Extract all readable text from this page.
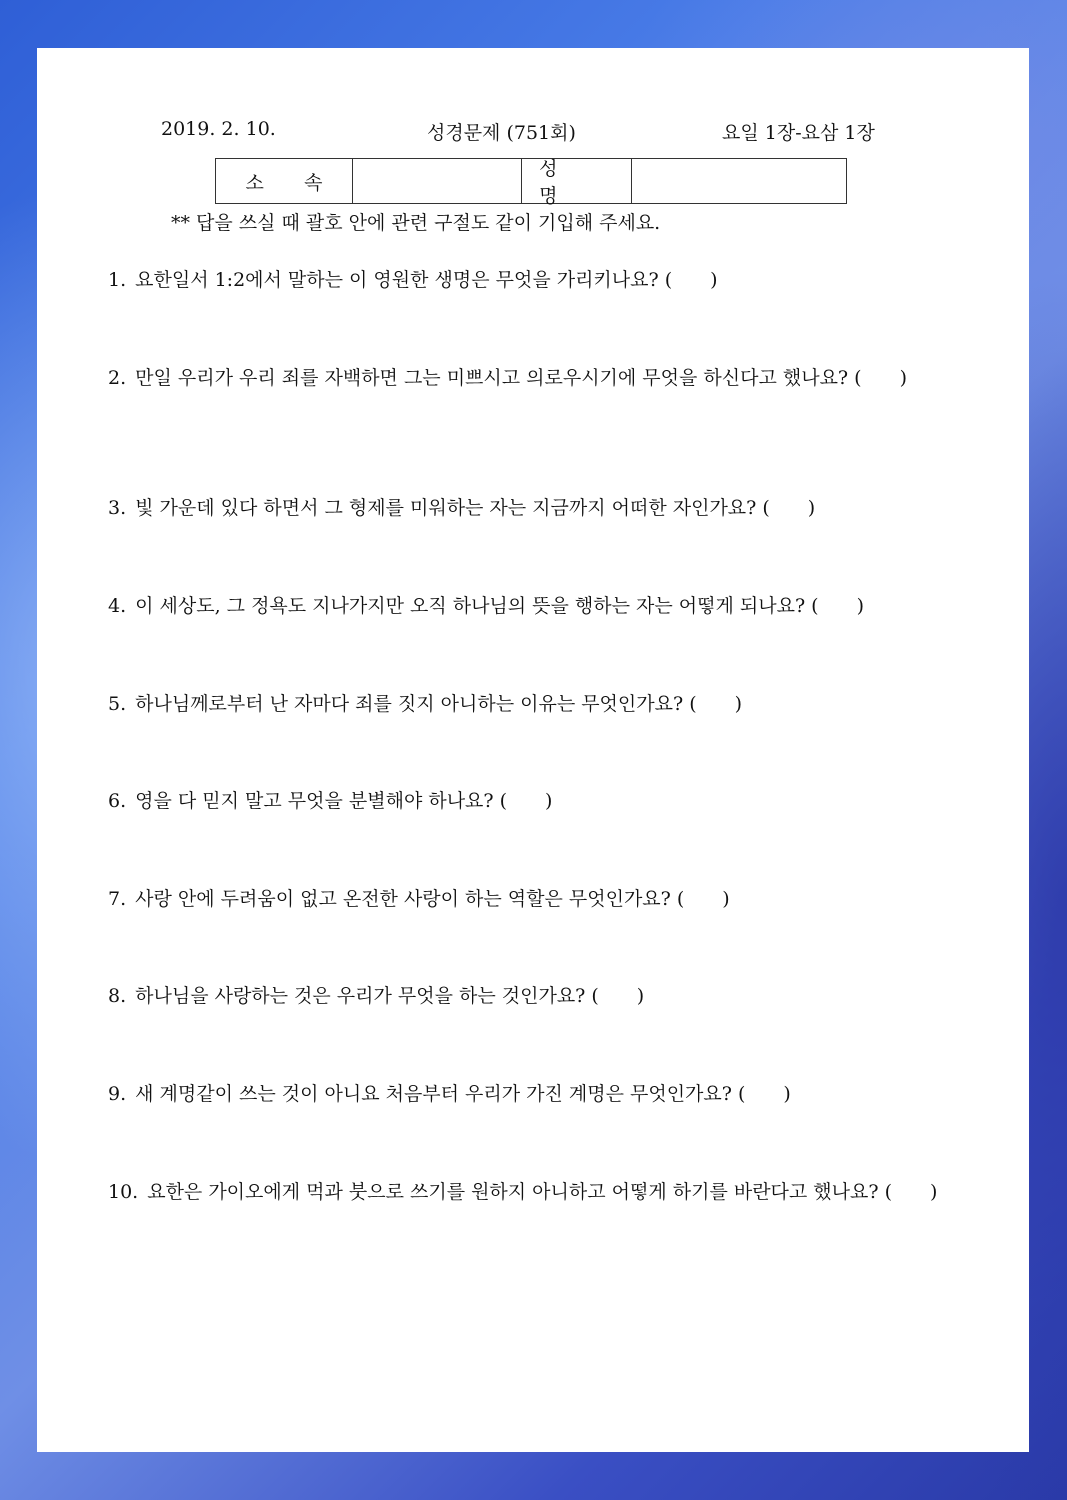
2019. 2. 10.	성경문제 (751회)	요일 1장-요삼 1장
소 속
성 명
** 답을 쓰실 때 괄호 안에 관련 구절도 같이 기입해 주세요.
1. 요한일서 1:2에서 말하는 이 영원한 생명은 무엇을 가리키나요? (　　)
2. 만일 우리가 우리 죄를 자백하면 그는 미쁘시고 의로우시기에 무엇을 하신다고 했나요? (　　)
3. 빛 가운데 있다 하면서 그 형제를 미워하는 자는 지금까지 어떠한 자인가요? (　　)
4. 이 세상도, 그 정욕도 지나가지만 오직 하나님의 뜻을 행하는 자는 어떻게 되나요? (　　)
5. 하나님께로부터 난 자마다 죄를 짓지 아니하는 이유는 무엇인가요? (　　)
6. 영을 다 믿지 말고 무엇을 분별해야 하나요? (　　)
7. 사랑 안에 두려움이 없고 온전한 사랑이 하는 역할은 무엇인가요? (　　)
8. 하나님을 사랑하는 것은 우리가 무엇을 하는 것인가요? (　　)
9. 새 계명같이 쓰는 것이 아니요 처음부터 우리가 가진 계명은 무엇인가요? (　　)
10. 요한은 가이오에게 먹과 붓으로 쓰기를 원하지 아니하고 어떻게 하기를 바란다고 했나요? (　　)
